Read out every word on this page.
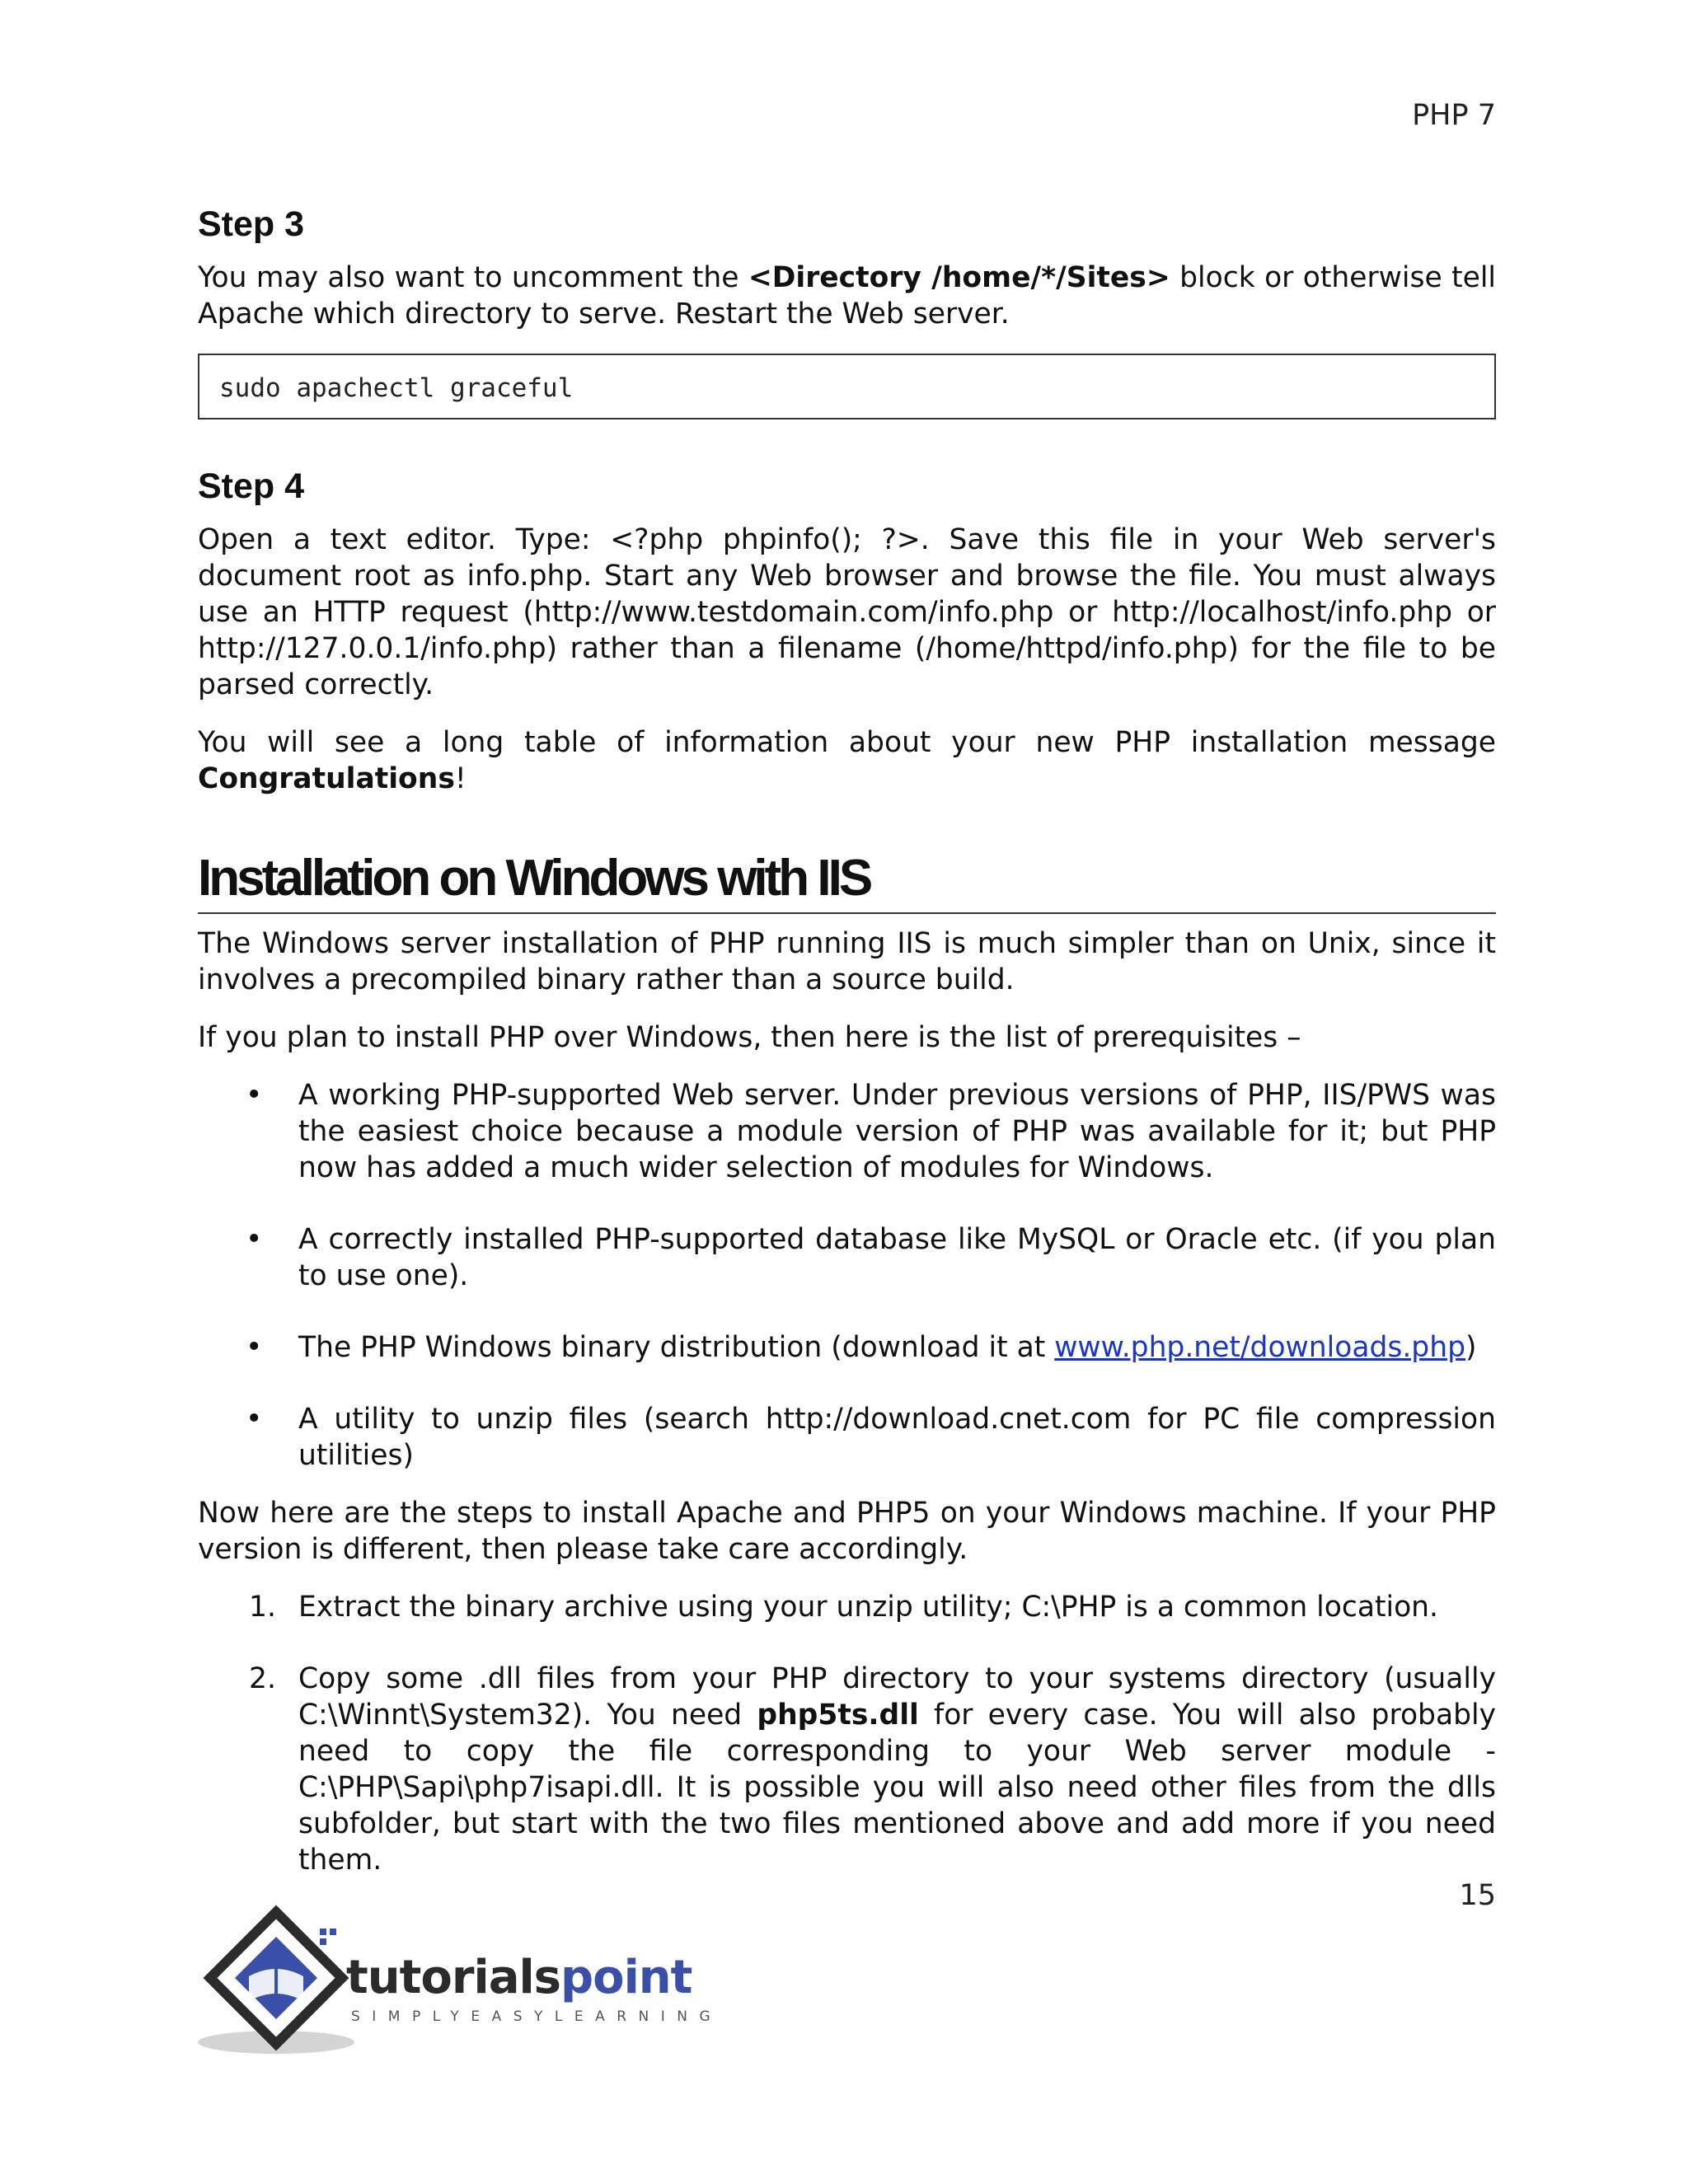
PHP 7
Step 3

You may also want to uncomment the <Directory /home/*/Sites> block or otherwise tell Apache which directory to serve. Restart the Web server.

sudo apachectl graceful
Step 4

Open a text editor. Type: <?php phpinfo(); ?>. Save this file in your Web server's document root as info.php. Start any Web browser and browse the file. You must always use an HTTP request (http://www.testdomain.com/info.php or http://localhost/info.php or http://127.0.0.1/info.php) rather than a filename (/home/httpd/info.php) for the file to be parsed correctly.

You will see a long table of information about your new PHP installation message Congratulations!

Installation on Windows with IIS

The Windows server installation of PHP running IIS is much simpler than on Unix, since it involves a precompiled binary rather than a source build.

If you plan to install PHP over Windows, then here is the list of prerequisites –

• A working PHP-supported Web server. Under previous versions of PHP, IIS/PWS was the easiest choice because a module version of PHP was available for it; but PHP now has added a much wider selection of modules for Windows.
• A correctly installed PHP-supported database like MySQL or Oracle etc. (if you plan to use one).
• The PHP Windows binary distribution (download it at www.php.net/downloads.php)
• A utility to unzip files (search http://download.cnet.com for PC file compression utilities)

Now here are the steps to install Apache and PHP5 on your Windows machine. If your PHP version is different, then please take care accordingly.

1. Extract the binary archive using your unzip utility; C:\PHP is a common location.
2. Copy some .dll files from your PHP directory to your systems directory (usually C:\Winnt\System32). You need php5ts.dll for every case. You will also probably need to copy the file corresponding to your Web server module - C:\PHP\Sapi\php7isapi.dll. It is possible you will also need other files from the dlls subfolder, but start with the two files mentioned above and add more if you need them.
15
tutorialspoint
SIMPLYEASYLEARNING
